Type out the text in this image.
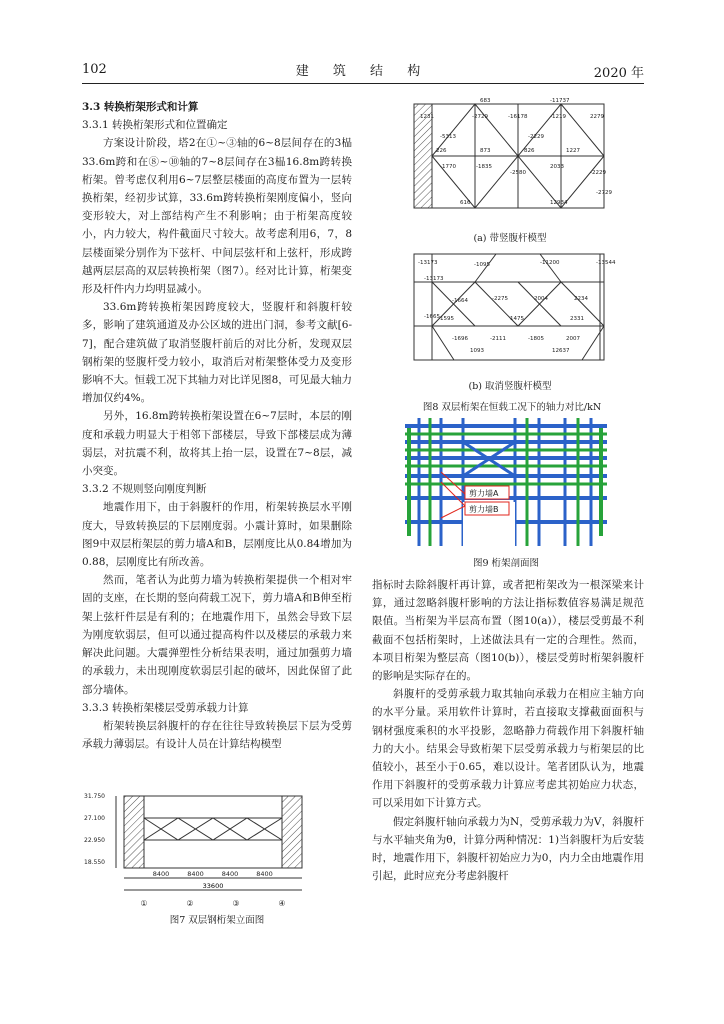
102	建 筑 结 构	2020 年

3.3 转换桁架形式和计算

3.3.1 转换桁架形式和位置确定

方案设计阶段，塔2在①~③轴的6~8层间存在的3榀33.6m跨和在⑧~⑩轴的7~8层间存在3榀16.8m跨转换桁架。曾考虑仅利用6~7层整层楼面的高度布置为一层转换桁架，经初步试算，33.6m跨转换桁架刚度偏小，竖向变形较大，对上部结构产生不利影响；由于桁架高度较小，内力较大，构件截面尺寸较大。故考虑利用6，7，8层楼面梁分别作为下弦杆、中间层弦杆和上弦杆，形成跨越两层层高的双层转换桁架（图7）。经对比计算，桁架变形及杆件内力均明显减小。

33.6m跨转换桁架因跨度较大，竖腹杆和斜腹杆较多，影响了建筑通道及办公区域的进出门洞，参考文献[6-7]，配合建筑做了取消竖腹杆前后的对比分析，发现双层钢桁架的竖腹杆受力较小，取消后对桁架整体受力及变形影响不大。恒载工况下其轴力对比详见图8，可见最大轴力增加仅约4%。

另外，16.8m跨转换桁架设置在6~7层时，本层的刚度和承载力明显大于相邻下部楼层，导致下部楼层成为薄弱层，对抗震不利，故将其上抬一层，设置在7~8层，减小突变。

3.3.2 不规则竖向刚度判断

地震作用下，由于斜腹杆的作用，桁架转换层水平刚度大，导致转换层的下层刚度弱。小震计算时，如果删除图9中双层桁架层的剪力墙A和B，层刚度比从0.84增加为0.88，层刚度比有所改善。

然而，笔者认为此剪力墙为转换桁架提供一个相对牢固的支座，在长期的竖向荷载工况下，剪力墙A和B伸至桁架上弦杆件层是有利的；在地震作用下，虽然会导致下层为刚度软弱层，但可以通过提高构件以及楼层的承载力来解决此问题。大震弹塑性分析结果表明，通过加强剪力墙的承载力，未出现刚度软弱层引起的破坏，因此保留了此部分墙体。

3.3.3 转换桁架楼层受剪承载力计算

桁架转换层斜腹杆的存在往往导致转换层下层为受剪承载力薄弱层。有设计人员在计算结构模型

指标时去除斜腹杆再计算，或者把桁架改为一根深梁来计算，通过忽略斜腹杆影响的方法让指标数值容易满足规范限值。当桁架为半层高布置（图10(a)），楼层受剪最不利截面不包括桁架时，上述做法具有一定的合理性。然而，本项目桁架为整层高（图10(b)），楼层受剪时桁架斜腹杆的影响是实际存在的。

斜腹杆的受剪承载力取其轴向承载力在相应主轴方向的水平分量。采用软件计算时，若直接取支撑截面面积与钢材强度乘积的水平投影，忽略静力荷载作用下斜腹杆轴力的大小。结果会导致桁架下层受剪承载力与桁架层的比值较小，甚至小于0.65，难以设计。笔者团队认为，地震作用下斜腹杆的受剪承载力计算应考虑其初始应力状态，可以采用如下计算方式。

假定斜腹杆轴向承载力为N，受剪承载力为V，斜腹杆与水平轴夹角为θ，计算分两种情况：1)当斜腹杆为后安装时，地震作用下，斜腹杆初始应力为0，内力全由地震作用引起，此时应充分考虑斜腹杆

683	-11737
1231	-2729	-16178	-1219	2279
-5313	-2229
226	873	826	1227
-1770	-1835
-2580
2033
-2229
-2729
616	12934
(a) 带竖腹杆模型
-13173	-1095	-11200	-13544
-13173
-1664	-2275	2004	2234
-1665 1595	1475	2331
-1696	-2111	-1805	2007
1093	12637
(b) 取消竖腹杆模型
图8 双层桁架在恒载工况下的轴力对比/kN
剪力墙A
剪力墙B
图9 桁架剖面图
31.750
27.100
22.950
18.550
8400	8400	8400	8400
33600
①	②	③	④
图7 双层钢桁架立面图
